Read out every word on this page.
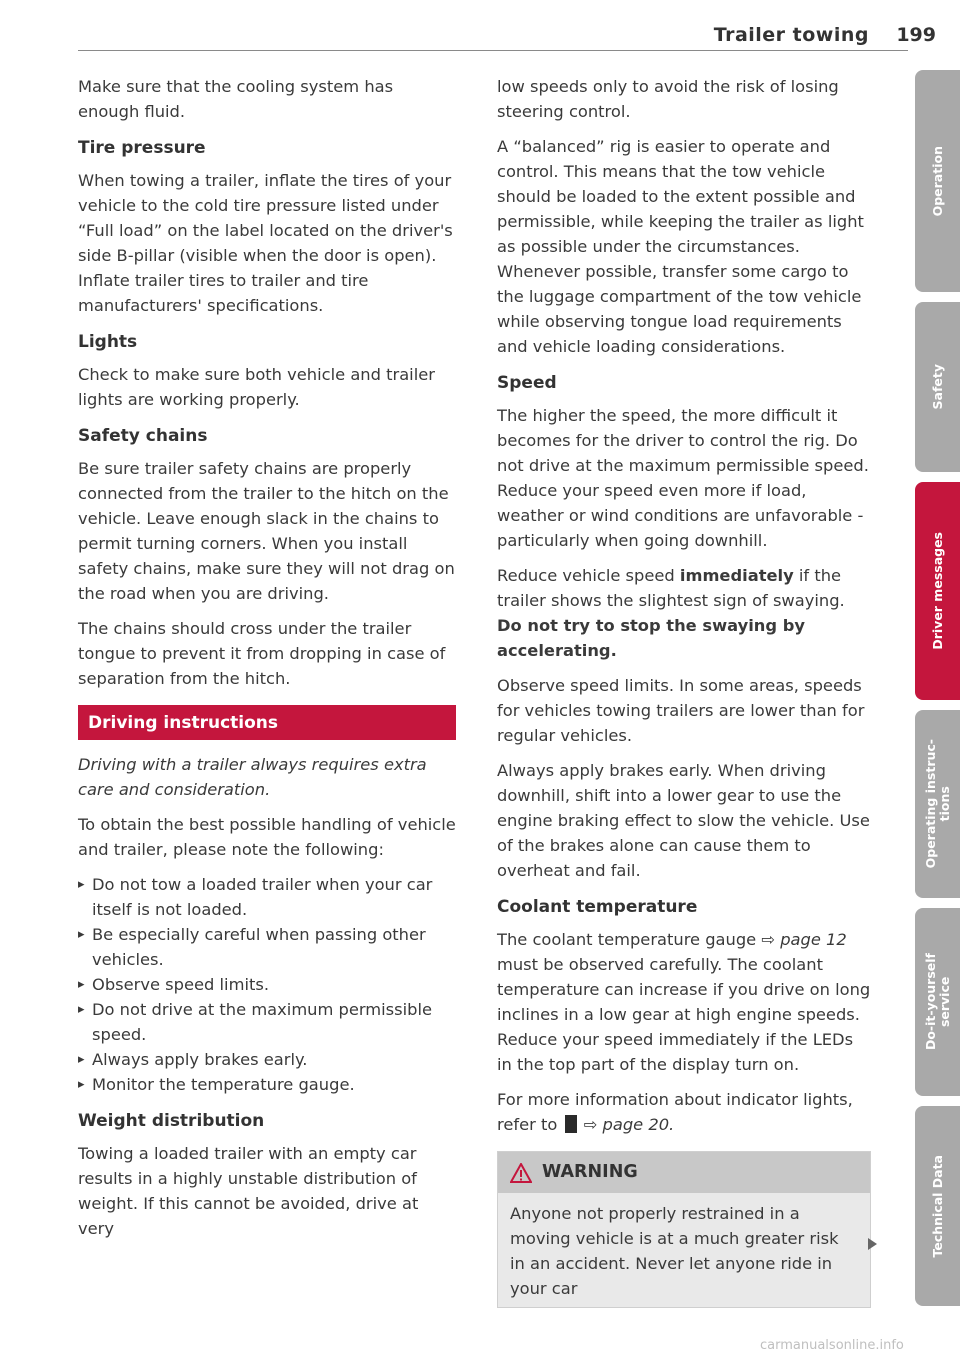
Trailer towing 199

Make sure that the cooling system has enough fluid.

Tire pressure

When towing a trailer, inflate the tires of your vehicle to the cold tire pressure listed under “Full load” on the label located on the driver's side B-pillar (visible when the door is open). Inflate trailer tires to trailer and tire manufacturers' specifications.

Lights

Check to make sure both vehicle and trailer lights are working properly.

Safety chains

Be sure trailer safety chains are properly connected from the trailer to the hitch on the vehicle. Leave enough slack in the chains to permit turning corners. When you install safety chains, make sure they will not drag on the road when you are driving.

The chains should cross under the trailer tongue to prevent it from dropping in case of separation from the hitch.

Driving instructions

Driving with a trailer always requires extra care and consideration.

To obtain the best possible handling of vehicle and trailer, please note the following:

▸ Do not tow a loaded trailer when your car itself is not loaded.
▸ Be especially careful when passing other vehicles.
▸ Observe speed limits.
▸ Do not drive at the maximum permissible speed.
▸ Always apply brakes early.
▸ Monitor the temperature gauge.
Weight distribution

Towing a loaded trailer with an empty car results in a highly unstable distribution of weight. If this cannot be avoided, drive at very

low speeds only to avoid the risk of losing steering control.

A “balanced” rig is easier to operate and control. This means that the tow vehicle should be loaded to the extent possible and permissible, while keeping the trailer as light as possible under the circumstances. Whenever possible, transfer some cargo to the luggage compartment of the tow vehicle while observing tongue load requirements and vehicle loading considerations.

Speed

The higher the speed, the more difficult it becomes for the driver to control the rig. Do not drive at the maximum permissible speed. Reduce your speed even more if load, weather or wind conditions are unfavorable - particularly when going downhill.

Reduce vehicle speed immediately if the trailer shows the slightest sign of swaying. Do not try to stop the swaying by accelerating.

Observe speed limits. In some areas, speeds for vehicles towing trailers are lower than for regular vehicles.

Always apply brakes early. When driving downhill, shift into a lower gear to use the engine braking effect to slow the vehicle. Use of the brakes alone can cause them to overheat and fail.

Coolant temperature

The coolant temperature gauge ⇨ page 12 must be observed carefully. The coolant temperature can increase if you drive on long inclines in a low gear at high engine speeds. Reduce your speed immediately if the LEDs in the top part of the display turn on.

For more information about indicator lights, refer to  ⇨ page 20.

WARNING
Anyone not properly restrained in a moving vehicle is at a much greater risk in an accident. Never let anyone ride in your car
Operation
Safety
Driver messages
Operating instruc-
tions
Do-it-yourself
service
Technical Data
carmanualsonline.info
